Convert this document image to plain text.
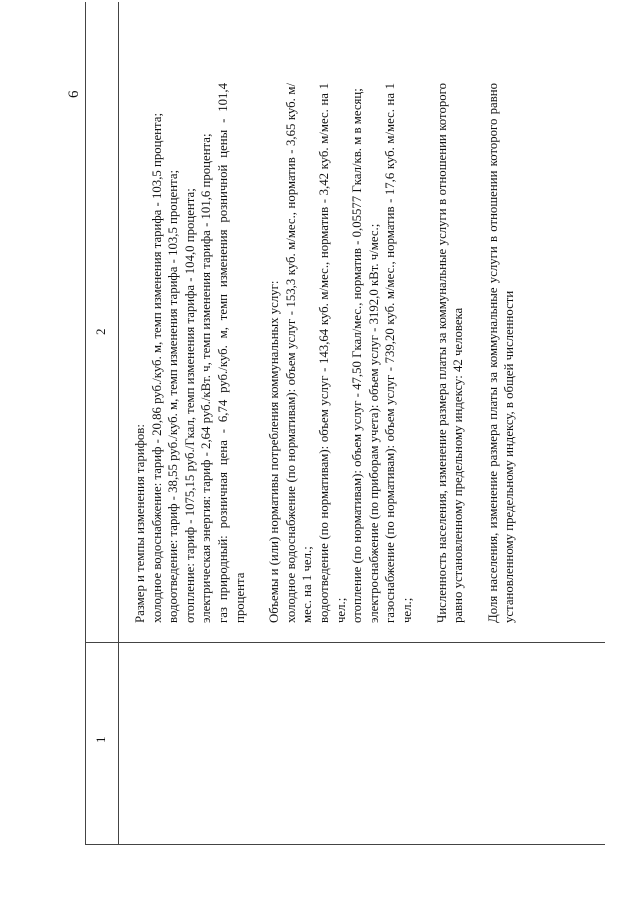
6
1
2

Размер и темпы изменения тарифов: холодное водоснабжение: тариф - 20,86 руб./куб. м, темп изменения тарифа - 103,5 процента; водоотведение: тариф - 38,55 руб./куб. м, темп изменения тарифа - 103,5 процента; отопление: тариф - 1075,15 руб./Гкал, темп изменения тарифа - 104,0 процента; электрическая энергия: тариф - 2,64 руб./кВт. ч, темп изменения тарифа - 101,6 процента; газ природный: розничная цена - 6,74 руб./куб. м, темп изменения розничной цены - 101,4 процента Объемы и (или) нормативы потребления коммунальных услуг: холодное водоснабжение (по нормативам): объем услуг - 153,3 куб. м/мес., норматив - 3,65 куб. м/мес. на 1 чел.; водоотведение (по нормативам): объем услуг - 143,64 куб. м/мес., норматив - 3,42 куб. м/мес. на 1 чел.; отопление (по нормативам): объем услуг - 47,50 Гкал/мес., норматив - 0,05577 Гкал/кв. м в месяц; электроснабжение (по приборам учета): объем услуг - 3192,0 кВт. ч/мес.; газоснабжение (по нормативам): объем услуг - 739,20 куб. м/мес., норматив - 17,6 куб. м/мес. на 1 чел.; Численность населения, изменение размера платы за коммунальные услуги в отношении которого равно установленному предельному индексу: 42 человека Доля населения, изменение размера платы за коммунальные услуги в отношении которого равно установленному предельному индексу, в общей численности
